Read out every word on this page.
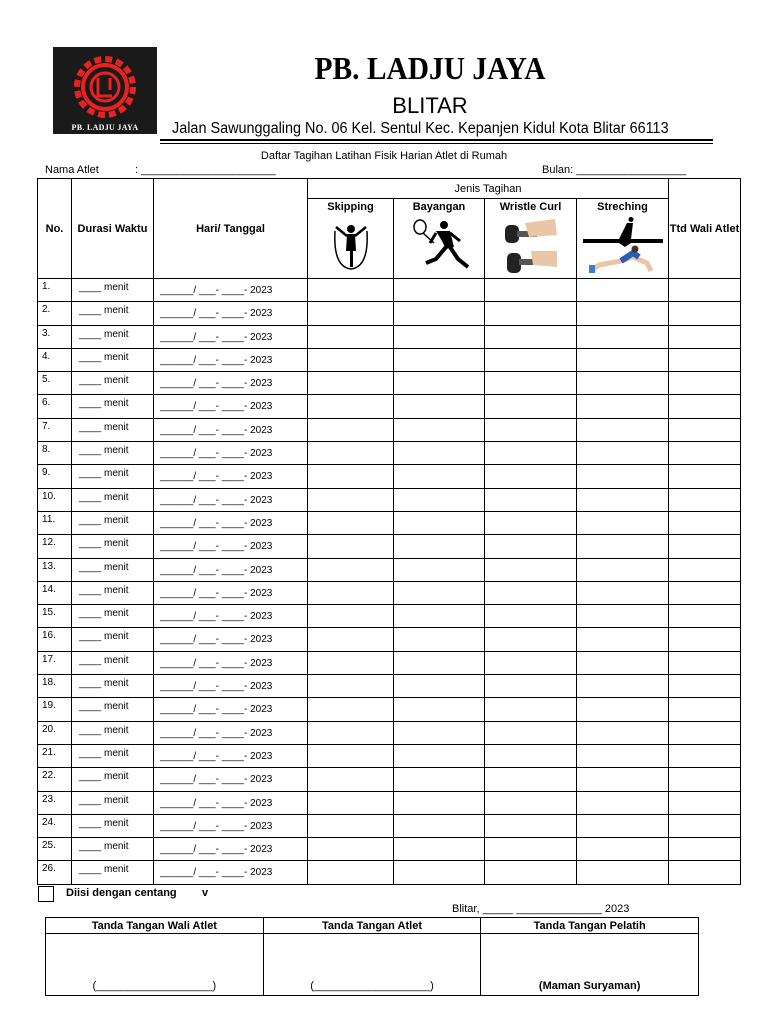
PB. LADJU JAYA
PB. LADJU JAYA
BLITAR
Jalan Sawunggaling No. 06 Kel. Sentul Kec. Kepanjen Kidul Kota Blitar 66113
Daftar Tagihan Latihan Fisik Harian Atlet di Rumah
Nama Atlet	: ______________________	Bulan: __________________
No.	Durasi Waktu	Hari/ Tanggal	Jenis Tagihan				Ttd Wali Atlet

			Skipping	Bayangan	Wristle Curl	Streching	

1.	____ menit	______/ ___- ____- 2023					
2.	____ menit	______/ ___- ____- 2023					
3.	____ menit	______/ ___- ____- 2023					
4.	____ menit	______/ ___- ____- 2023					
5.	____ menit	______/ ___- ____- 2023					
6.	____ menit	______/ ___- ____- 2023					
7.	____ menit	______/ ___- ____- 2023					
8.	____ menit	______/ ___- ____- 2023					
9.	____ menit	______/ ___- ____- 2023					
10.	____ menit	______/ ___- ____- 2023					
11.	____ menit	______/ ___- ____- 2023					
12.	____ menit	______/ ___- ____- 2023					
13.	____ menit	______/ ___- ____- 2023					
14.	____ menit	______/ ___- ____- 2023					
15.	____ menit	______/ ___- ____- 2023					
16.	____ menit	______/ ___- ____- 2023					
17.	____ menit	______/ ___- ____- 2023					
18.	____ menit	______/ ___- ____- 2023					
19.	____ menit	______/ ___- ____- 2023					
20.	____ menit	______/ ___- ____- 2023					
21.	____ menit	______/ ___- ____- 2023					
22.	____ menit	______/ ___- ____- 2023					
23.	____ menit	______/ ___- ____- 2023					
24.	____ menit	______/ ___- ____- 2023					
25.	____ menit	______/ ___- ____- 2023					
26.	____ menit	______/ ___- ____- 2023					
Diisi dengan centang v
Blitar, _____ ______________ 2023
Tanda Tangan Wali Atlet	Tanda Tangan Atlet	Tanda Tangan Pelatih
(___________________)	(___________________)	(Maman Suryaman)
